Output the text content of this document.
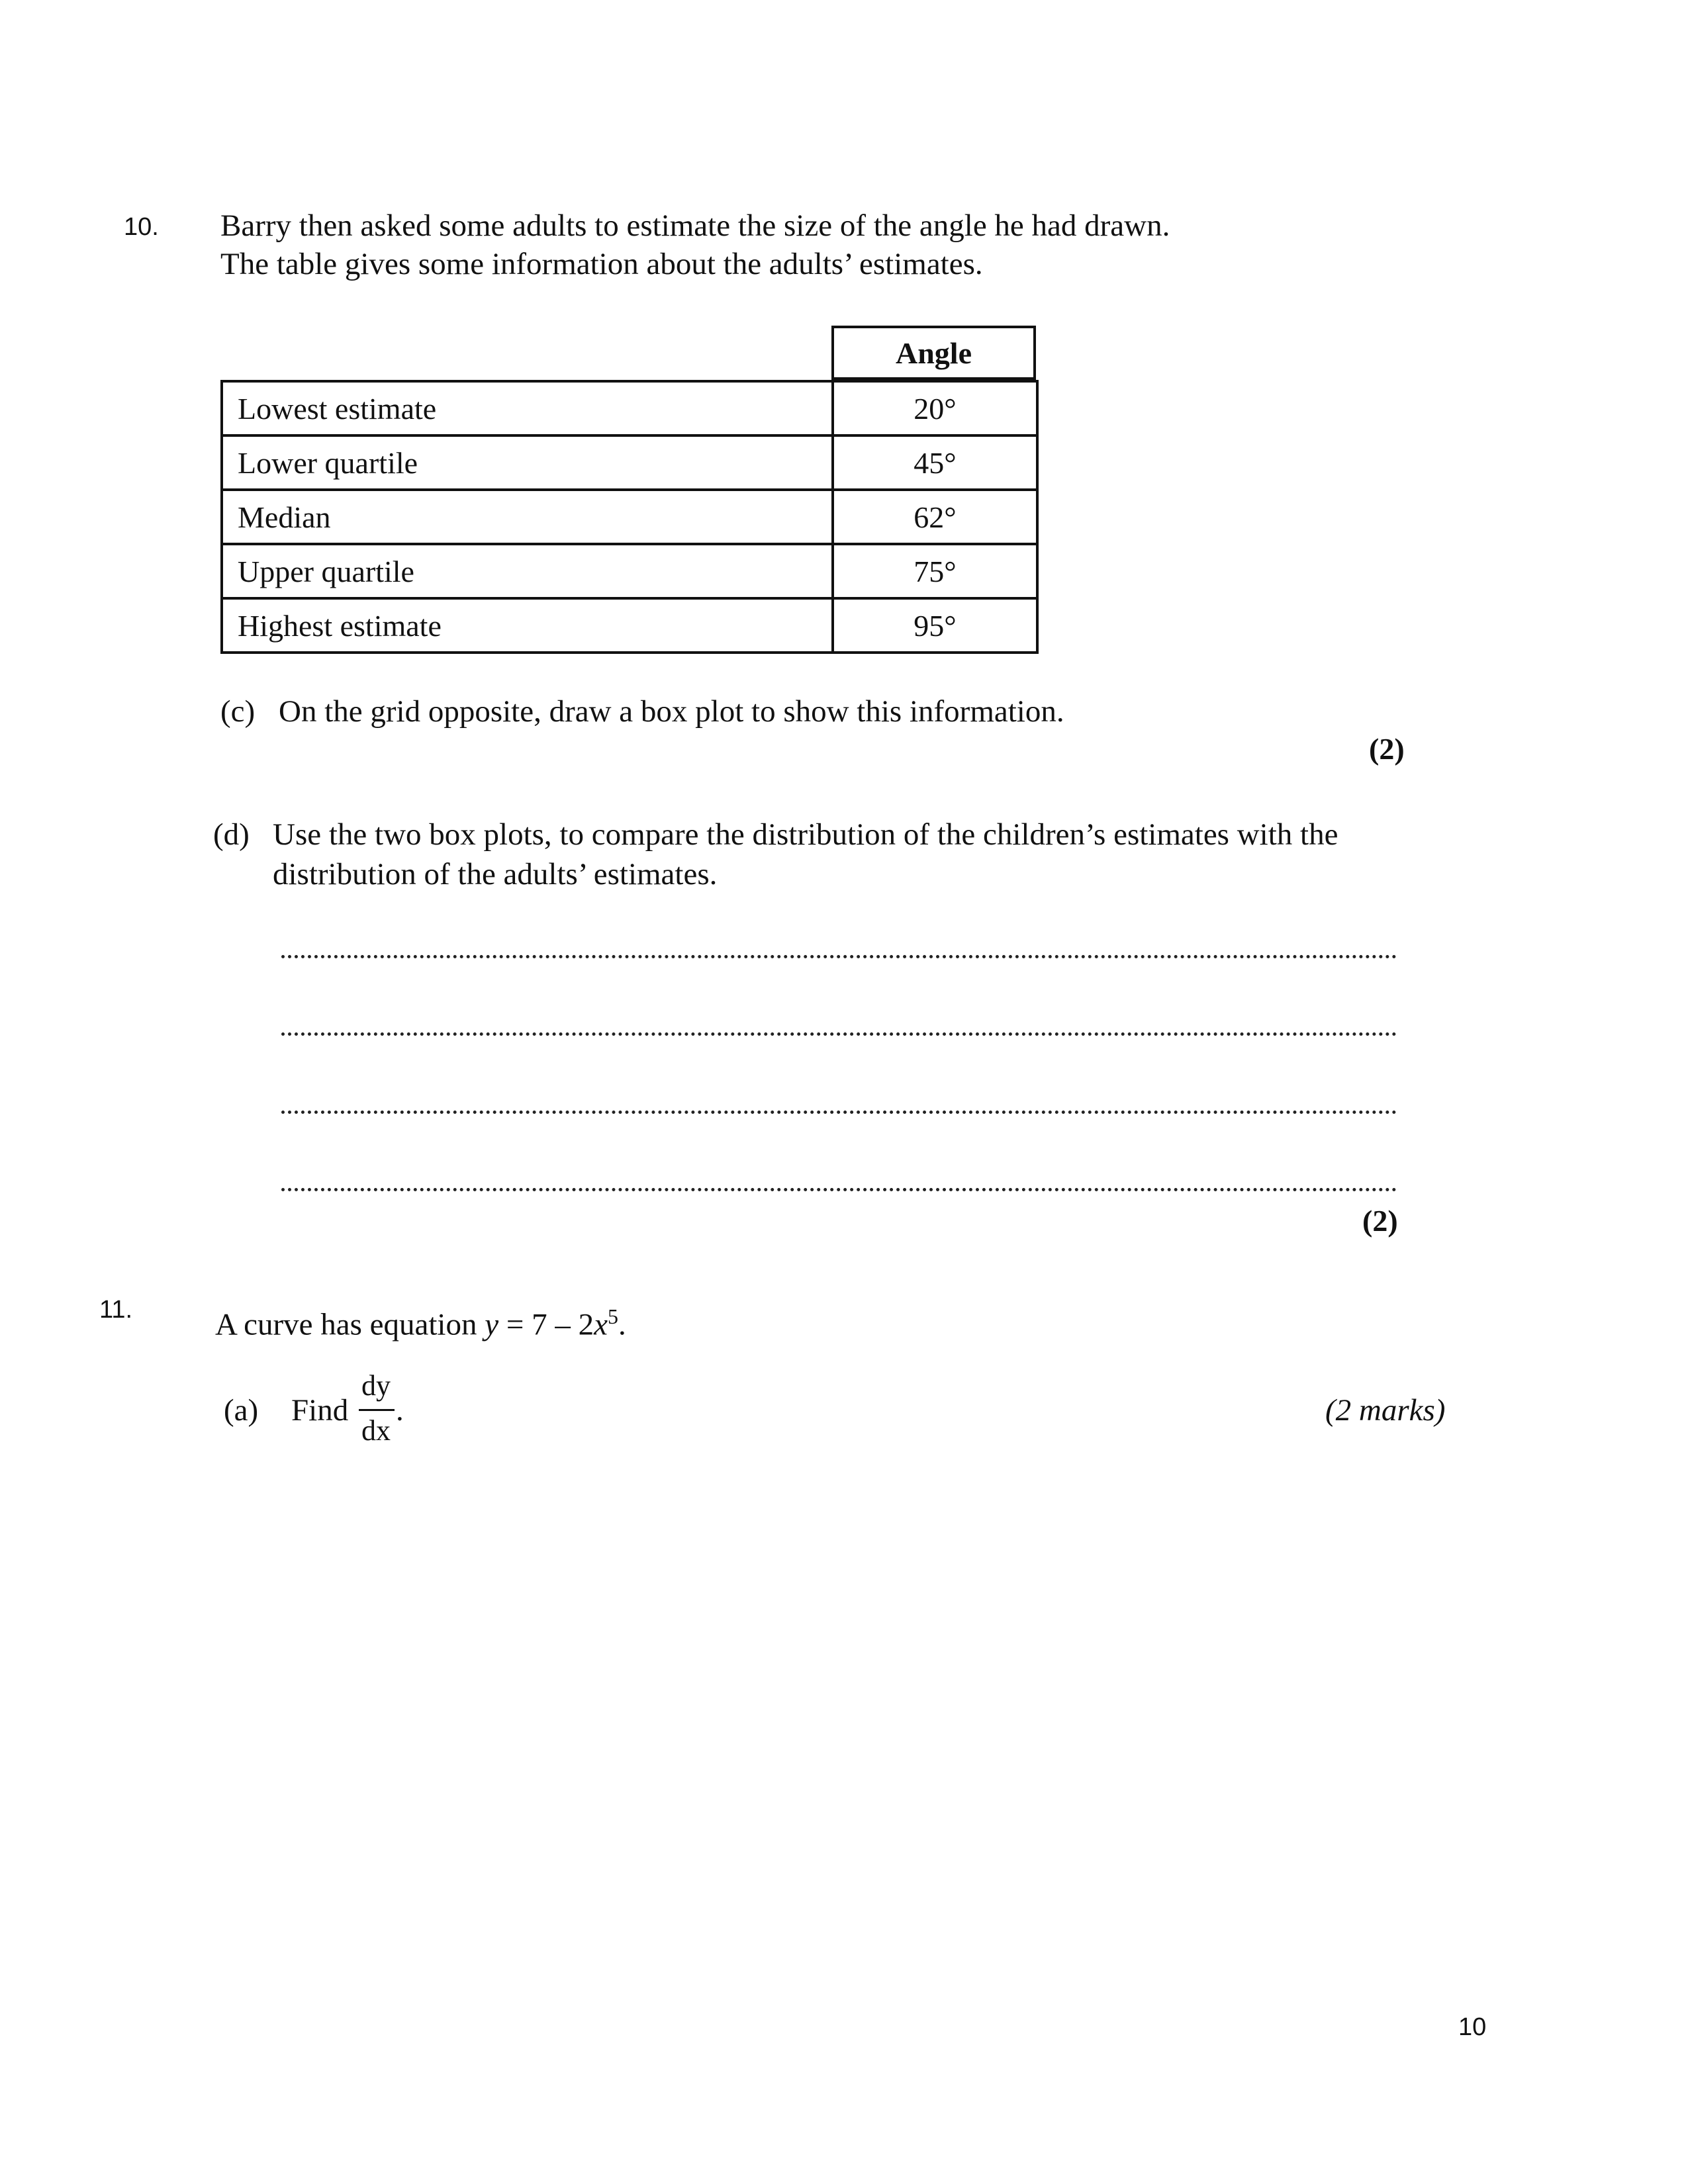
10. Barry then asked some adults to estimate the size of the angle he had drawn.
The table gives some information about the adults’ estimates.
Angle
Lowest estimate	20°
Lower quartile	45°
Median	62°
Upper quartile	75°
Highest estimate	95°
(c) On the grid opposite, draw a box plot to show this information.
(2)
(d) Use the two box plots, to compare the distribution of the children’s estimates with the
distribution of the adults’ estimates.
(2)
11.	A curve has equation $y = 7 - 2x^5$.
(a) Find
dy
dx
.	(2 marks)
10
